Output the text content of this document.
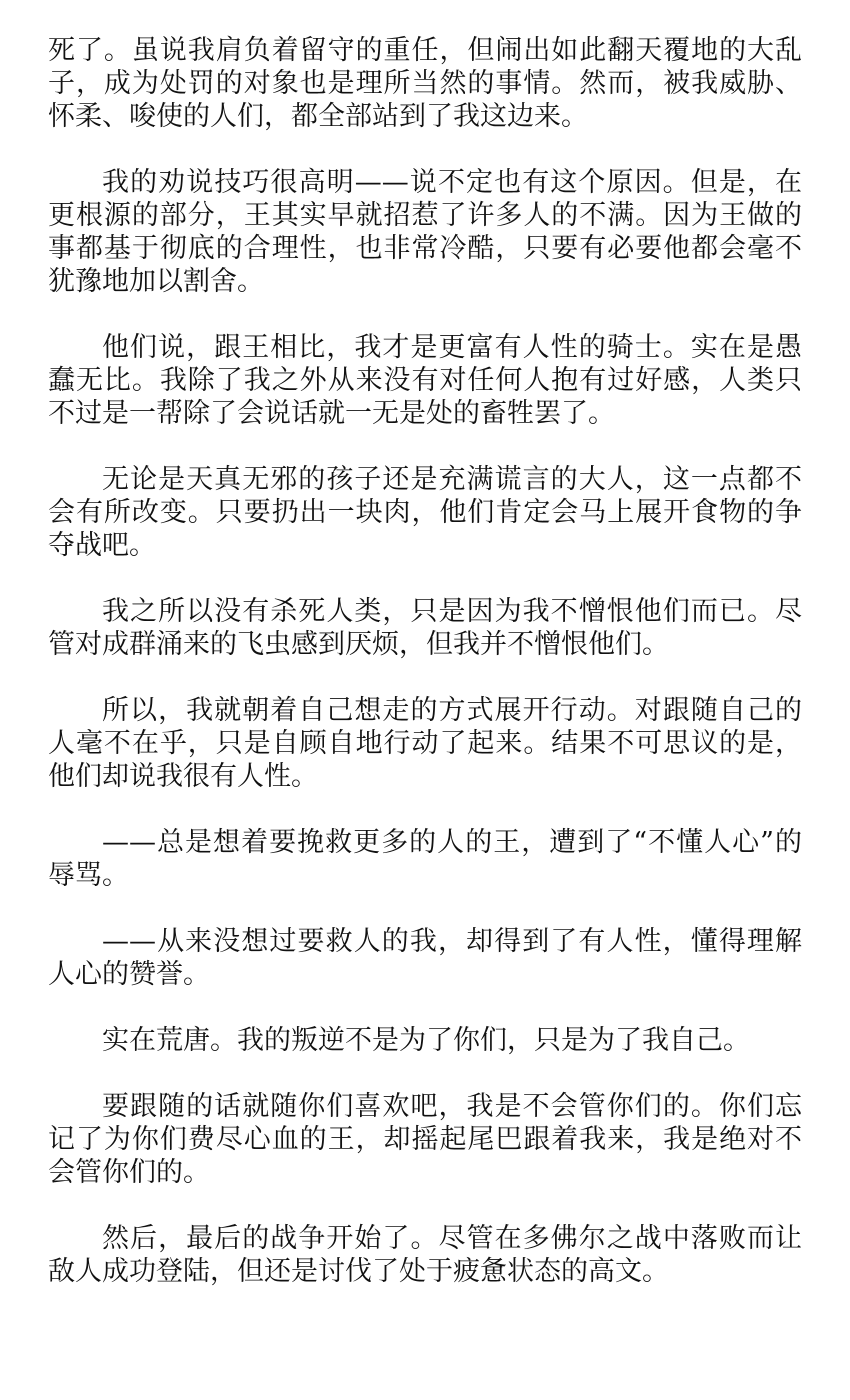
死了。虽说我肩负着留守的重任，但闹出如此翻天覆地的大乱子，成为处罚的对象也是理所当然的事情。然而，被我威胁、怀柔、唆使的人们，都全部站到了我这边来。

我的劝说技巧很高明——说不定也有这个原因。但是，在更根源的部分，王其实早就招惹了许多人的不满。因为王做的事都基于彻底的合理性，也非常冷酷，只要有必要他都会毫不犹豫地加以割舍。

他们说，跟王相比，我才是更富有人性的骑士。实在是愚蠢无比。我除了我之外从来没有对任何人抱有过好感，人类只不过是一帮除了会说话就一无是处的畜牲罢了。

无论是天真无邪的孩子还是充满谎言的大人，这一点都不会有所改变。只要扔出一块肉，他们肯定会马上展开食物的争夺战吧。

我之所以没有杀死人类，只是因为我不憎恨他们而已。尽管对成群涌来的飞虫感到厌烦，但我并不憎恨他们。

所以，我就朝着自己想走的方式展开行动。对跟随自己的人毫不在乎，只是自顾自地行动了起来。结果不可思议的是，他们却说我很有人性。

——总是想着要挽救更多的人的王，遭到了“不懂人心”的辱骂。

——从来没想过要救人的我，却得到了有人性，懂得理解人心的赞誉。

实在荒唐。我的叛逆不是为了你们，只是为了我自己。

要跟随的话就随你们喜欢吧，我是不会管你们的。你们忘记了为你们费尽心血的王，却摇起尾巴跟着我来，我是绝对不会管你们的。

然后，最后的战争开始了。尽管在多佛尔之战中落败而让敌人成功登陆，但还是讨伐了处于疲惫状态的高文。
